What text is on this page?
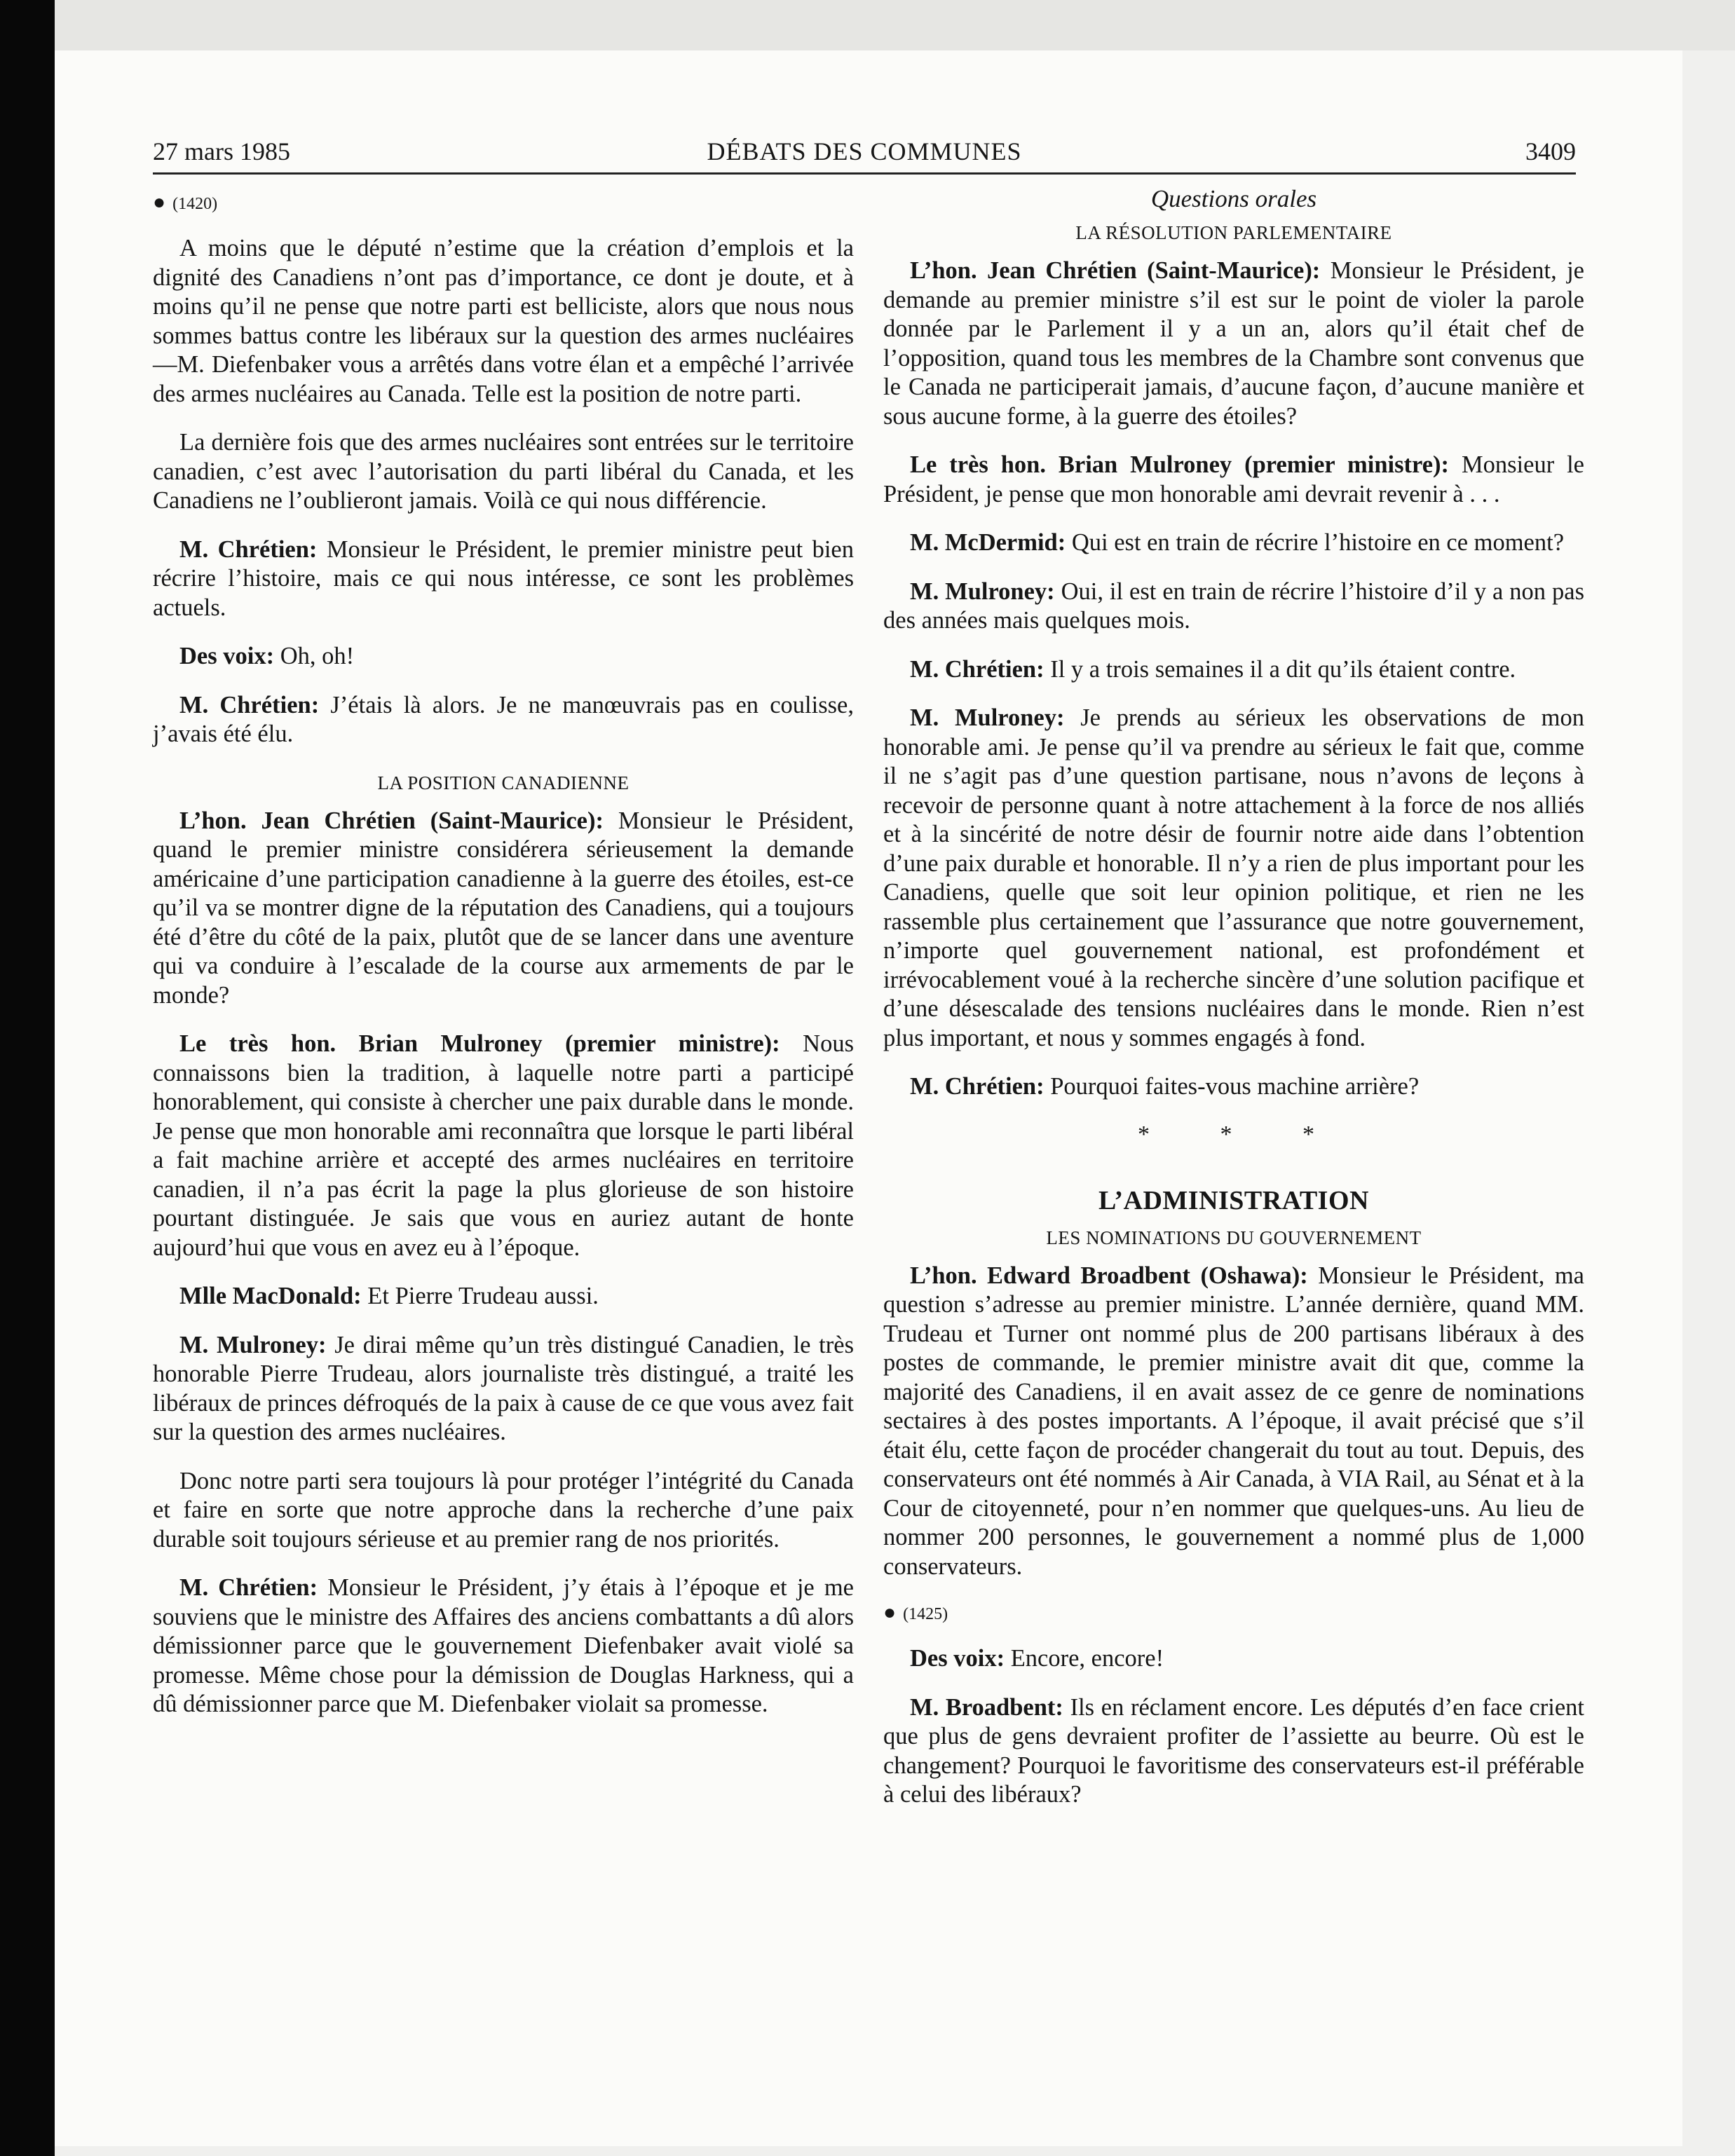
27 mars 1985	DÉBATS DES COMMUNES	3409

● (1420)

A moins que le député n’estime que la création d’emplois et la dignité des Canadiens n’ont pas d’importance, ce dont je doute, et à moins qu’il ne pense que notre parti est belliciste, alors que nous nous sommes battus contre les libéraux sur la question des armes nucléaires—M. Diefenbaker vous a arrêtés dans votre élan et a empêché l’arrivée des armes nucléaires au Canada. Telle est la position de notre parti.

La dernière fois que des armes nucléaires sont entrées sur le territoire canadien, c’est avec l’autorisation du parti libéral du Canada, et les Canadiens ne l’oublieront jamais. Voilà ce qui nous différencie.

M. Chrétien: Monsieur le Président, le premier ministre peut bien récrire l’histoire, mais ce qui nous intéresse, ce sont les problèmes actuels.

Des voix: Oh, oh!

M. Chrétien: J’étais là alors. Je ne manœuvrais pas en coulisse, j’avais été élu.

LA POSITION CANADIENNE

L’hon. Jean Chrétien (Saint-Maurice): Monsieur le Président, quand le premier ministre considérera sérieusement la demande américaine d’une participation canadienne à la guerre des étoiles, est-ce qu’il va se montrer digne de la réputation des Canadiens, qui a toujours été d’être du côté de la paix, plutôt que de se lancer dans une aventure qui va conduire à l’escalade de la course aux armements de par le monde?

Le très hon. Brian Mulroney (premier ministre): Nous connaissons bien la tradition, à laquelle notre parti a participé honorablement, qui consiste à chercher une paix durable dans le monde. Je pense que mon honorable ami reconnaîtra que lorsque le parti libéral a fait machine arrière et accepté des armes nucléaires en territoire canadien, il n’a pas écrit la page la plus glorieuse de son histoire pourtant distinguée. Je sais que vous en auriez autant de honte aujourd’hui que vous en avez eu à l’époque.

Mlle MacDonald: Et Pierre Trudeau aussi.

M. Mulroney: Je dirai même qu’un très distingué Canadien, le très honorable Pierre Trudeau, alors journaliste très distingué, a traité les libéraux de princes défroqués de la paix à cause de ce que vous avez fait sur la question des armes nucléaires.

Donc notre parti sera toujours là pour protéger l’intégrité du Canada et faire en sorte que notre approche dans la recherche d’une paix durable soit toujours sérieuse et au premier rang de nos priorités.

M. Chrétien: Monsieur le Président, j’y étais à l’époque et je me souviens que le ministre des Affaires des anciens combattants a dû alors démissionner parce que le gouvernement Diefenbaker avait violé sa promesse. Même chose pour la démission de Douglas Harkness, qui a dû démissionner parce que M. Diefenbaker violait sa promesse.

Questions orales
LA RÉSOLUTION PARLEMENTAIRE

L’hon. Jean Chrétien (Saint-Maurice): Monsieur le Président, je demande au premier ministre s’il est sur le point de violer la parole donnée par le Parlement il y a un an, alors qu’il était chef de l’opposition, quand tous les membres de la Chambre sont convenus que le Canada ne participerait jamais, d’aucune façon, d’aucune manière et sous aucune forme, à la guerre des étoiles?

Le très hon. Brian Mulroney (premier ministre): Monsieur le Président, je pense que mon honorable ami devrait revenir à . . .

M. McDermid: Qui est en train de récrire l’histoire en ce moment?

M. Mulroney: Oui, il est en train de récrire l’histoire d’il y a non pas des années mais quelques mois.

M. Chrétien: Il y a trois semaines il a dit qu’ils étaient contre.

M. Mulroney: Je prends au sérieux les observations de mon honorable ami. Je pense qu’il va prendre au sérieux le fait que, comme il ne s’agit pas d’une question partisane, nous n’avons de leçons à recevoir de personne quant à notre attachement à la force de nos alliés et à la sincérité de notre désir de fournir notre aide dans l’obtention d’une paix durable et honorable. Il n’y a rien de plus important pour les Canadiens, quelle que soit leur opinion politique, et rien ne les rassemble plus certainement que l’assurance que notre gouvernement, n’importe quel gouvernement national, est profondément et irrévocablement voué à la recherche sincère d’une solution pacifique et d’une désescalade des tensions nucléaires dans le monde. Rien n’est plus important, et nous y sommes engagés à fond.

M. Chrétien: Pourquoi faites-vous machine arrière?

* * *
L’ADMINISTRATION
LES NOMINATIONS DU GOUVERNEMENT

L’hon. Edward Broadbent (Oshawa): Monsieur le Président, ma question s’adresse au premier ministre. L’année dernière, quand MM. Trudeau et Turner ont nommé plus de 200 partisans libéraux à des postes de commande, le premier ministre avait dit que, comme la majorité des Canadiens, il en avait assez de ce genre de nominations sectaires à des postes importants. A l’époque, il avait précisé que s’il était élu, cette façon de procéder changerait du tout au tout. Depuis, des conservateurs ont été nommés à Air Canada, à VIA Rail, au Sénat et à la Cour de citoyenneté, pour n’en nommer que quelques-uns. Au lieu de nommer 200 personnes, le gouvernement a nommé plus de 1,000 conservateurs.

● (1425)

Des voix: Encore, encore!

M. Broadbent: Ils en réclament encore. Les députés d’en face crient que plus de gens devraient profiter de l’assiette au beurre. Où est le changement? Pourquoi le favoritisme des conservateurs est-il préférable à celui des libéraux?
